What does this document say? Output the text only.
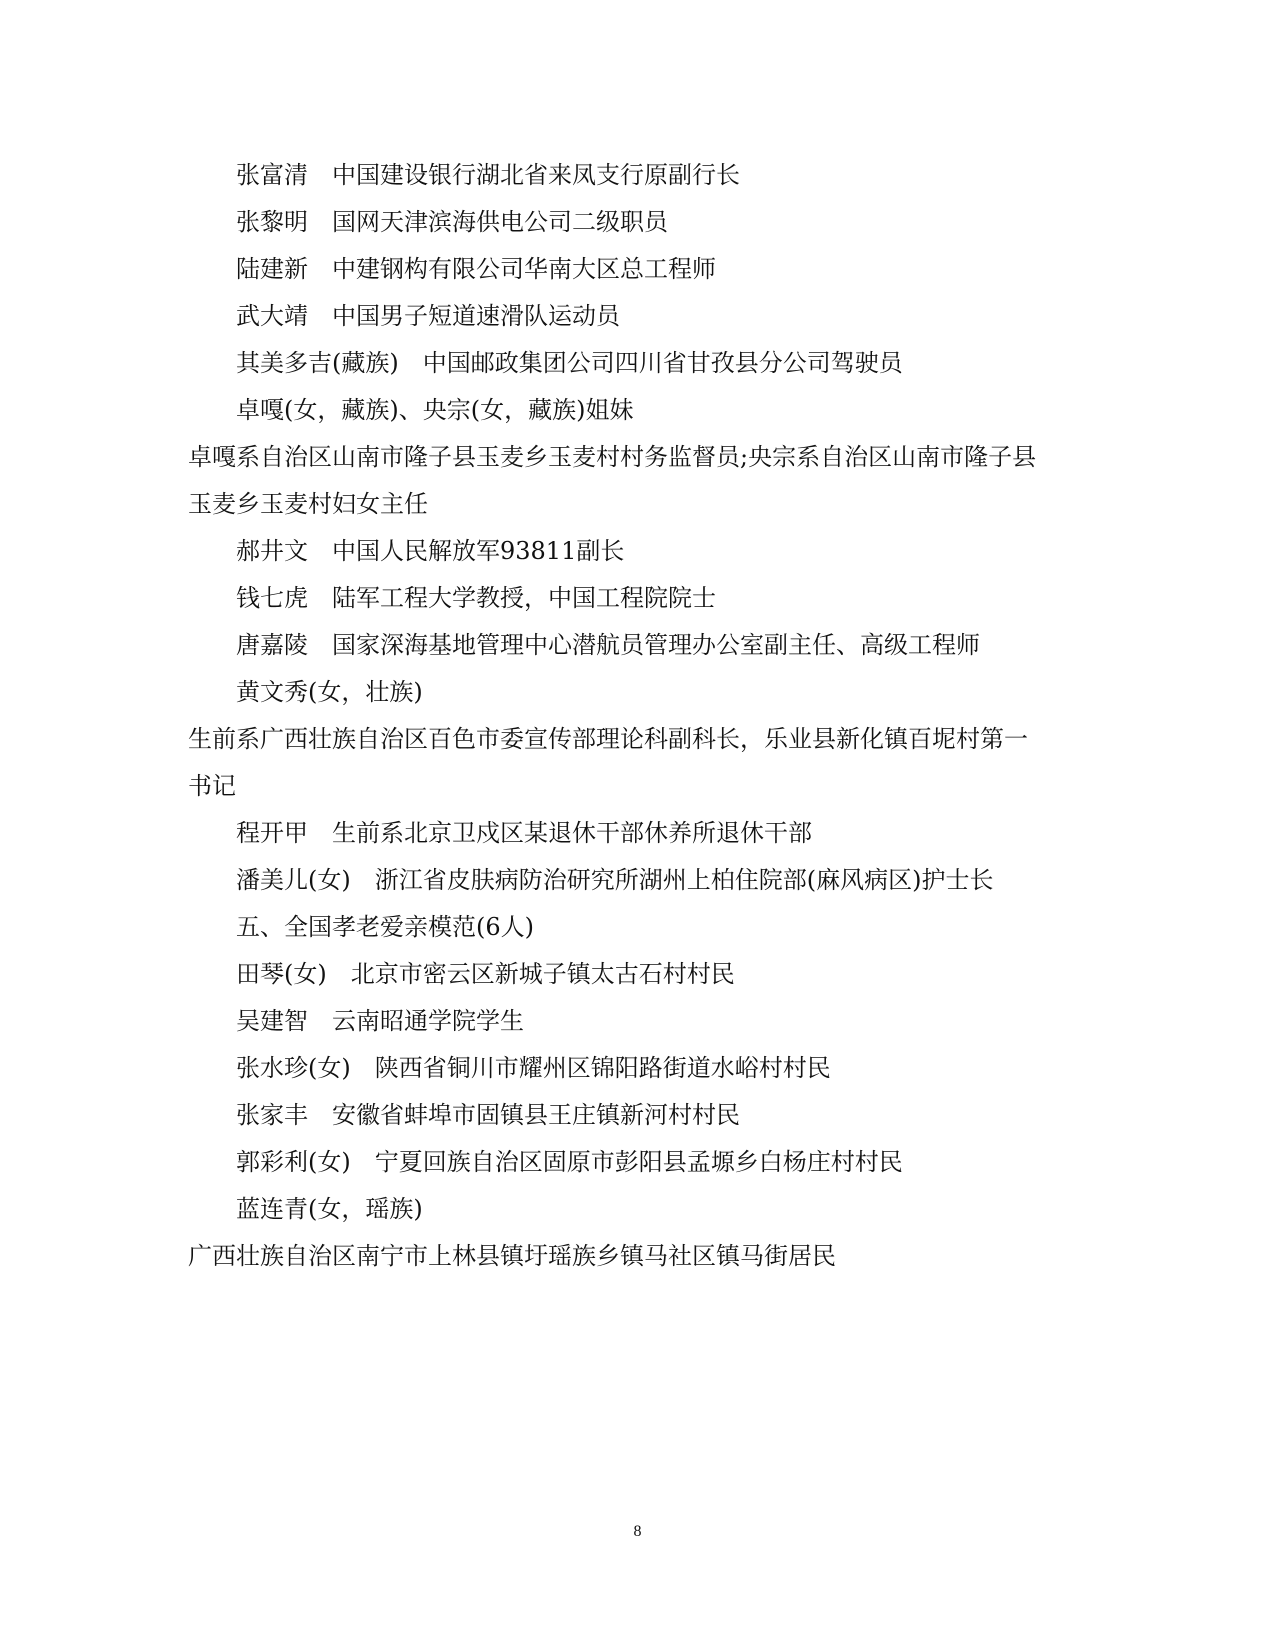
张富清 中国建设银行湖北省来凤支行原副行长
张黎明 国网天津滨海供电公司二级职员
陆建新 中建钢构有限公司华南大区总工程师
武大靖 中国男子短道速滑队运动员
其美多吉(藏族) 中国邮政集团公司四川省甘孜县分公司驾驶员
卓嘎(女，藏族)、央宗(女，藏族)姐妹
卓嘎系自治区山南市隆子县玉麦乡玉麦村村务监督员;央宗系自治区山南市隆子县
玉麦乡玉麦村妇女主任
郝井文 中国人民解放军93811副长
钱七虎 陆军工程大学教授，中国工程院院士
唐嘉陵 国家深海基地管理中心潜航员管理办公室副主任、高级工程师
黄文秀(女，壮族)
生前系广西壮族自治区百色市委宣传部理论科副科长，乐业县新化镇百坭村第一
书记
程开甲 生前系北京卫戍区某退休干部休养所退休干部
潘美儿(女) 浙江省皮肤病防治研究所湖州上柏住院部(麻风病区)护士长
五、全国孝老爱亲模范(6人)
田琴(女) 北京市密云区新城子镇太古石村村民
吴建智 云南昭通学院学生
张水珍(女) 陕西省铜川市耀州区锦阳路街道水峪村村民
张家丰 安徽省蚌埠市固镇县王庄镇新河村村民
郭彩利(女) 宁夏回族自治区固原市彭阳县孟塬乡白杨庄村村民
蓝连青(女，瑶族)
广西壮族自治区南宁市上林县镇圩瑶族乡镇马社区镇马街居民
8
